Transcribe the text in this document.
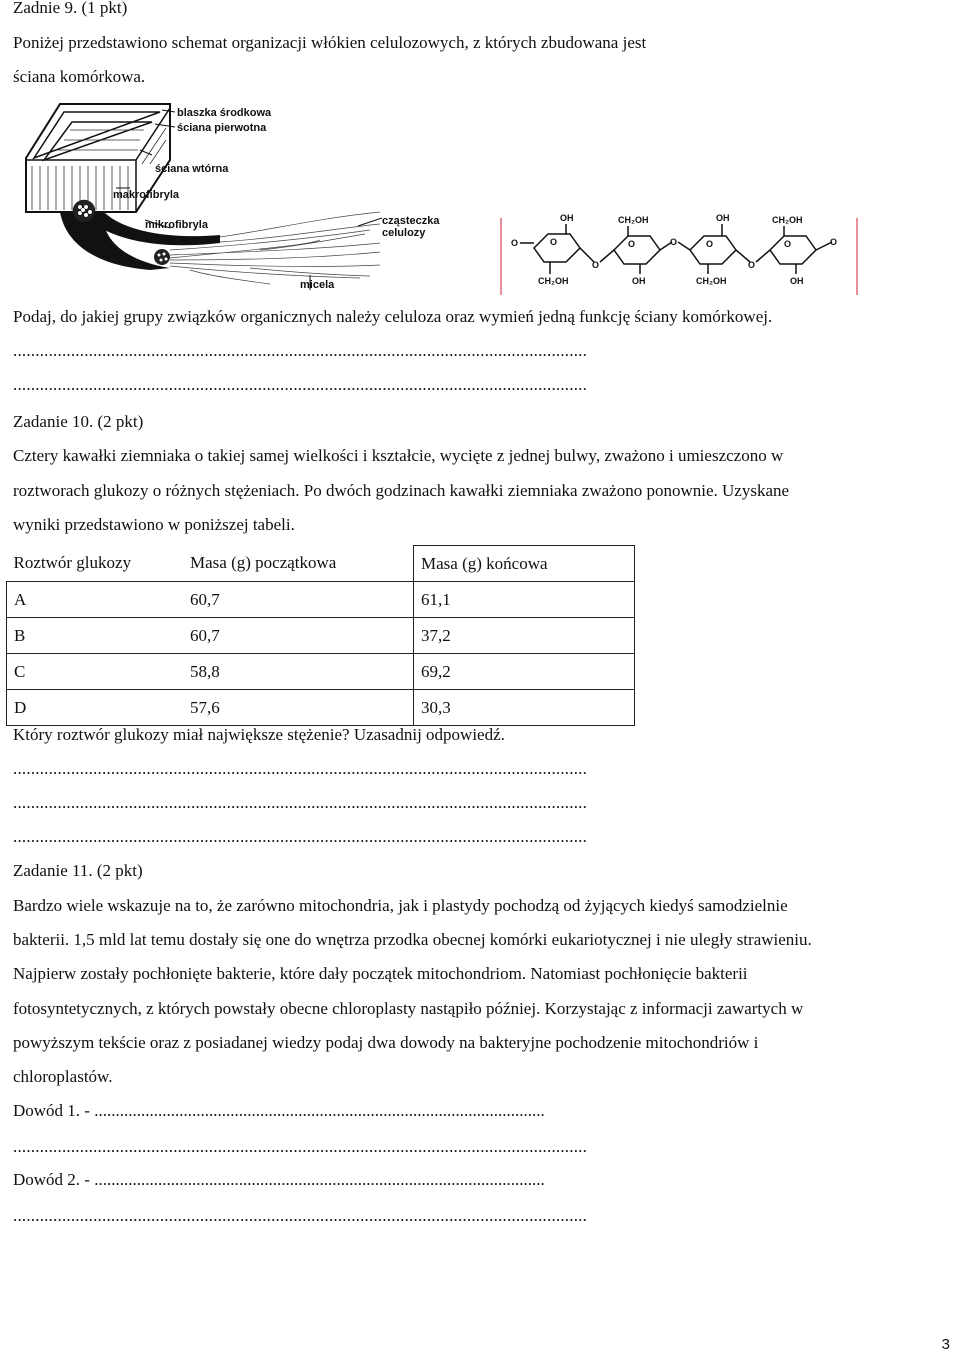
Zadnie 9. (1 pkt)
Poniżej przedstawiono schemat organizacji włókien celulozowych, z których zbudowana jest
ściana komórkowa.
blaszka środkowa
ściana pierwotna
ściana wtórna
makrofibryla
mikrofibryla	cząsteczka
celulozy
micela
O
O
O
O
O
O	O	O	O
OH	CH₂OH	OH	CH₂OH
CH₂OH	OH	CH₂OH	OH
Podaj, do jakiej grupy związków organicznych należy celuloza oraz wymień jedną funkcję ściany komórkowej.
.................................................................................................................................
.................................................................................................................................
Zadanie 10. (2 pkt)
Cztery kawałki ziemniaka o takiej samej wielkości i kształcie, wycięte z jednej bulwy, zważono i umieszczono w
roztworach glukozy o różnych stężeniach. Po dwóch godzinach kawałki ziemniaka zważono ponownie. Uzyskane
wyniki przedstawiono w poniższej tabeli.
Roztwór glukozy	Masa (g) początkowa	Masa (g) końcowa
A	60,7	61,1
B	60,7	37,2
C	58,8	69,2
D	57,6	30,3
Który roztwór glukozy miał największe stężenie? Uzasadnij odpowiedź.
.................................................................................................................................
.................................................................................................................................
.................................................................................................................................
Zadanie 11. (2 pkt)
Bardzo wiele wskazuje na to, że zarówno mitochondria, jak i plastydy pochodzą od żyjących kiedyś samodzielnie
bakterii. 1,5 mld lat temu dostały się one do wnętrza przodka obecnej komórki eukariotycznej i nie uległy strawieniu.
Najpierw zostały pochłonięte bakterie, które dały początek mitochondriom. Natomiast pochłonięcie bakterii
fotosyntetycznych, z których powstały obecne chloroplasty nastąpiło później. Korzystając z informacji zawartych w
powyższym tekście oraz z posiadanej wiedzy podaj dwa dowody na bakteryjne pochodzenie mitochondriów i
chloroplastów.
Dowód 1. - ..........................................................................................................
.................................................................................................................................
Dowód 2. - ..........................................................................................................
.................................................................................................................................
3
